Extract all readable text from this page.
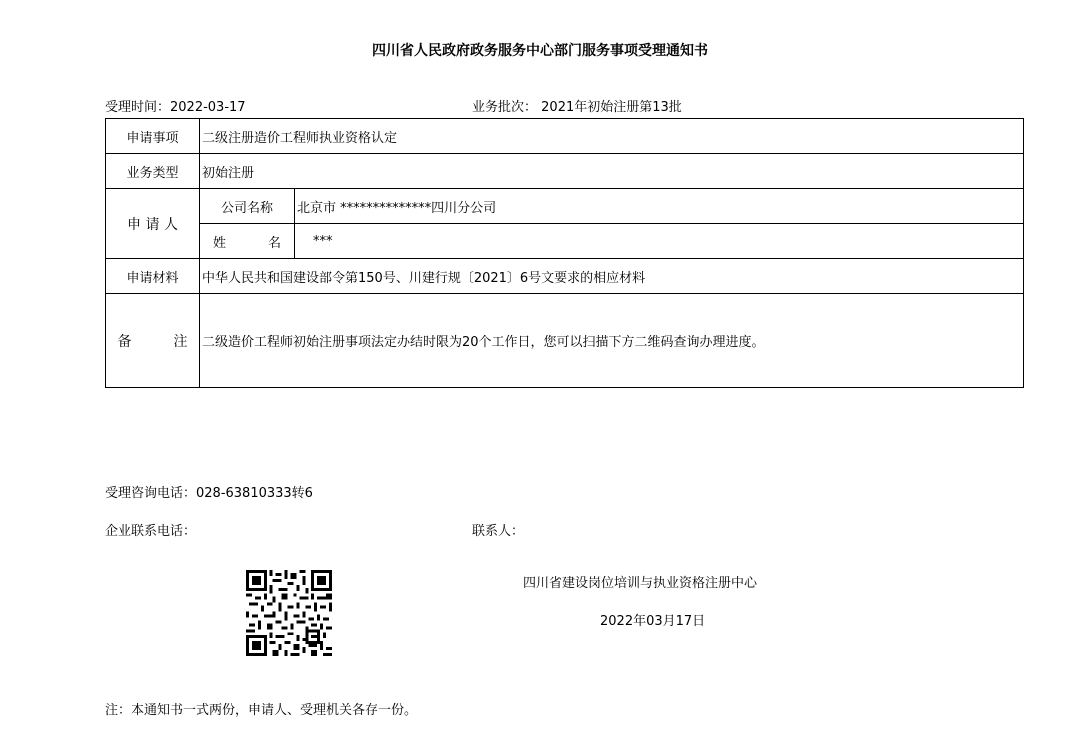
四川省人民政府政务服务中心部门服务事项受理通知书
受理时间：2022-03-17	业务批次： 2021年初始注册第13批
申请事项	二级注册造价工程师执业资格认定	
业务类型	初始注册	
申 请 人	公司名称	北京市 **************四川分公司
	姓 名	***
申请材料	中华人民共和国建设部令第150号、川建行规〔2021〕6号文要求的相应材料	
备 注	二级造价工程师初始注册事项法定办结时限为20个工作日，您可以扫描下方二维码查询办理进度。	
受理咨询电话：028-63810333转6
企业联系电话：	联系人：
四川省建设岗位培训与执业资格注册中心
2022年03月17日
注：本通知书一式两份，申请人、受理机关各存一份。
